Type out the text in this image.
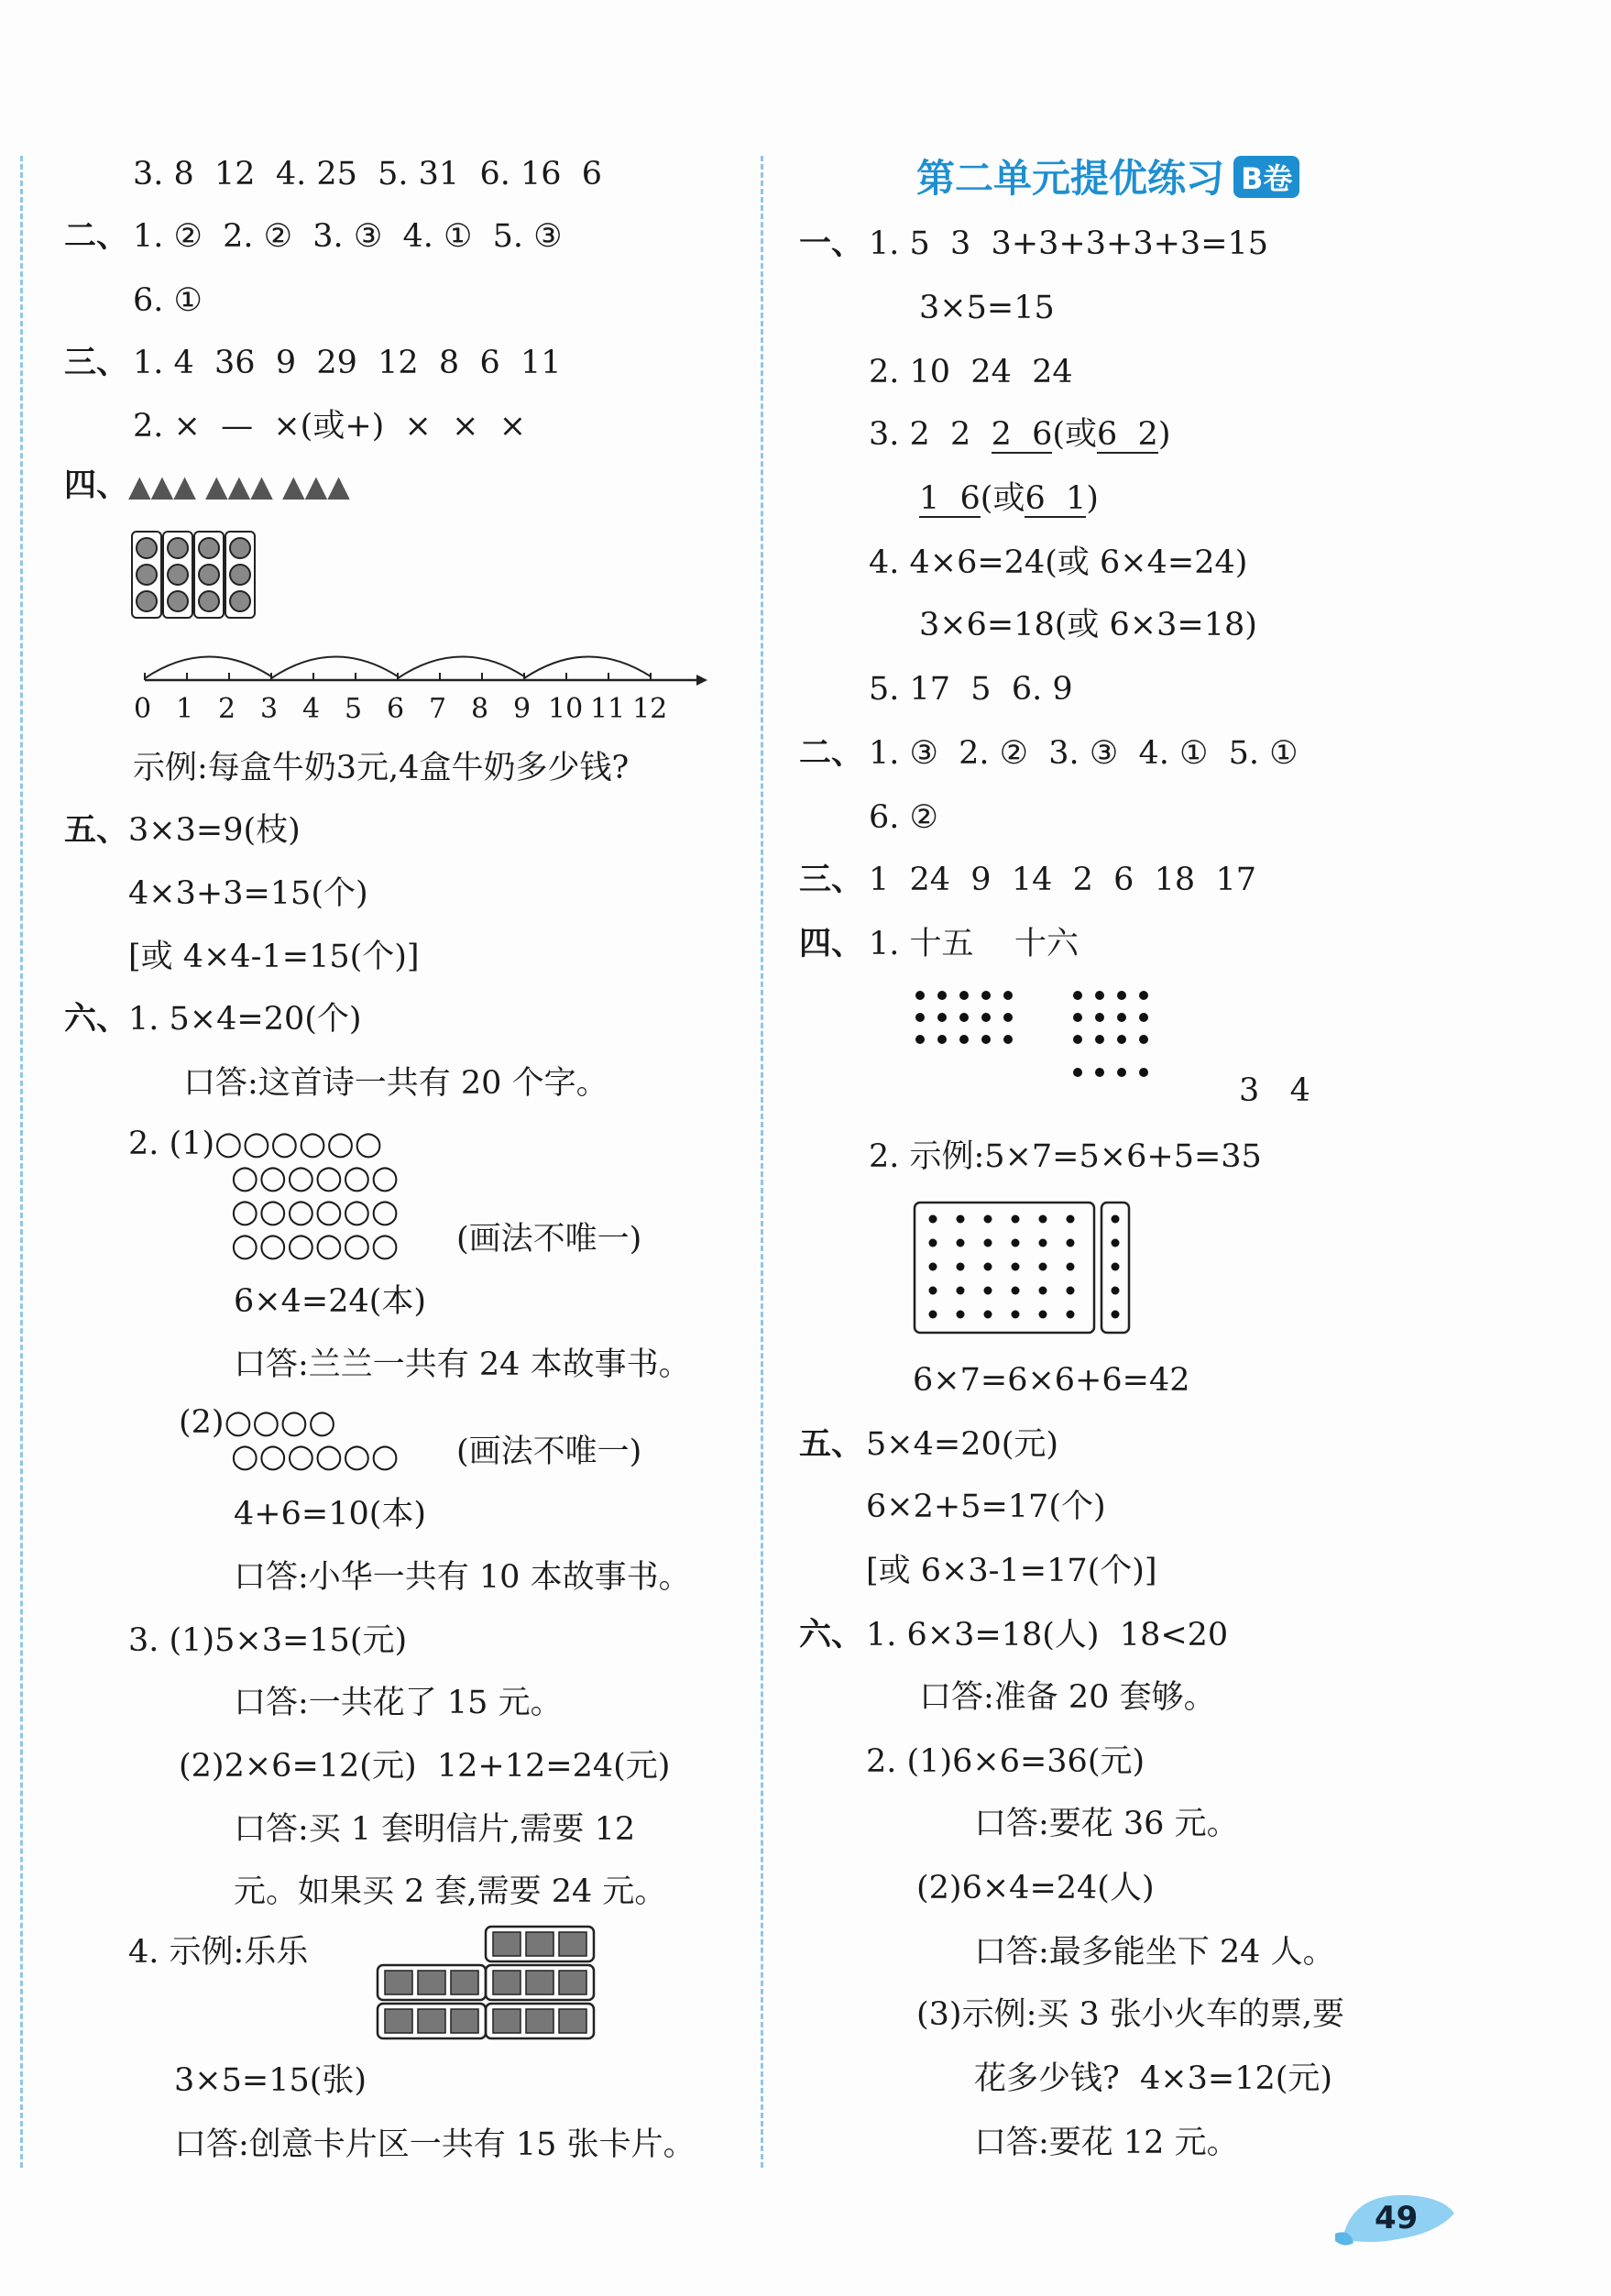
3. 8  12  4. 25  5. 31  6. 16  6
二、 1. ②  2. ②  3. ③  4. ①  5. ③
6. ①
三、 1. 4  36  9  29  12  8  6  11
2. ×  —  ×(或+)  ×  ×  ×
四、 ▲▲▲ ▲▲▲ ▲▲▲
0 1 2 3 4 5 6 7 8 9 10 11 12
示例:每盒牛奶3元,4盒牛奶多少钱?
五、 3×3=9(枝)
4×3+3=15(个)
[或 4×4-1=15(个)]
六、 1. 5×4=20(个)
口答:这首诗一共有 20 个字。
2. (1)○○○○○○
○○○○○○
○○○○○○
○○○○○○ (画法不唯一)
6×4=24(本)
口答:兰兰一共有 24 本故事书。
(2)○○○○
○○○○○○ (画法不唯一)
4+6=10(本)
口答:小华一共有 10 本故事书。
3. (1)5×3=15(元)
口答:一共花了 15 元。
(2)2×6=12(元)  12+12=24(元)
口答:买 1 套明信片,需要 12
元。如果买 2 套,需要 24 元。
4. 示例:乐乐
3×5=15(张)
口答:创意卡片区一共有 15 张卡片。
第二单元提优练习 B卷
一、 1. 5  3  3+3+3+3+3=15
3×5=15
2. 10  24  24
3. 2  2  2  6(或6  2)
1  6(或6  1)
4. 4×6=24(或 6×4=24)
3×6=18(或 6×3=18)
5. 17  5  6. 9
二、 1. ③  2. ②  3. ③  4. ①  5. ①
6. ②
三、 1  24  9  14  2  6  18  17
四、 1. 十五    十六
3   4
2. 示例:5×7=5×6+5=35
6×7=6×6+6=42
五、 5×4=20(元)
6×2+5=17(个)
[或 6×3-1=17(个)]
六、 1. 6×3=18(人)  18<20
口答:准备 20 套够。
2. (1)6×6=36(元)
口答:要花 36 元。
(2)6×4=24(人)
口答:最多能坐下 24 人。
(3)示例:买 3 张小火车的票,要
花多少钱?  4×3=12(元)
口答:要花 12 元。
49
